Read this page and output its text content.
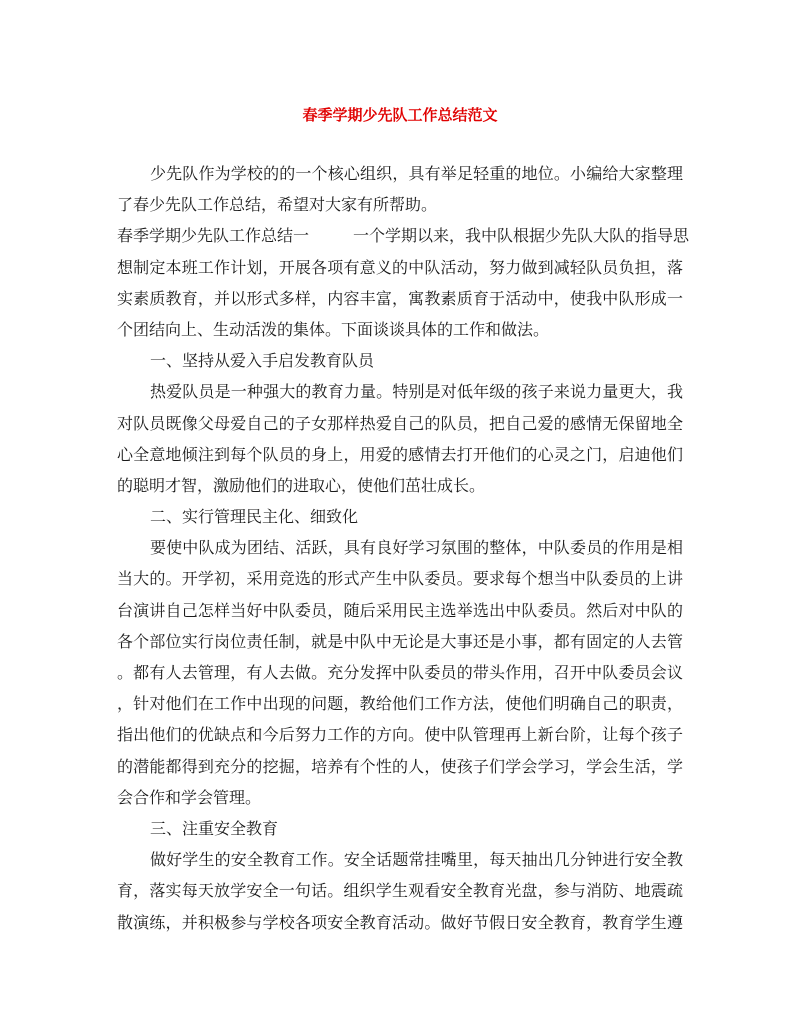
春季学期少先队工作总结范文
少先队作为学校的的一个核心组织，具有举足轻重的地位。小编给大家整理
了春少先队工作总结，希望对大家有所帮助。
春季学期少先队工作总结一	一个学期以来，我中队根据少先队大队的指导思
想制定本班工作计划，开展各项有意义的中队活动，努力做到减轻队员负担，落
实素质教育，并以形式多样，内容丰富，寓教素质育于活动中，使我中队形成一
个团结向上、生动活泼的集体。下面谈谈具体的工作和做法。
一、坚持从爱入手启发教育队员
热爱队员是一种强大的教育力量。特别是对低年级的孩子来说力量更大，我
对队员既像父母爱自己的子女那样热爱自己的队员，把自己爱的感情无保留地全
心全意地倾注到每个队员的身上，用爱的感情去打开他们的心灵之门，启迪他们
的聪明才智，激励他们的进取心，使他们茁壮成长。
二、实行管理民主化、细致化
要使中队成为团结、活跃，具有良好学习氛围的整体，中队委员的作用是相
当大的。开学初，采用竞选的形式产生中队委员。要求每个想当中队委员的上讲
台演讲自己怎样当好中队委员，随后采用民主选举选出中队委员。然后对中队的
各个部位实行岗位责任制，就是中队中无论是大事还是小事，都有固定的人去管
。都有人去管理，有人去做。充分发挥中队委员的带头作用，召开中队委员会议
，针对他们在工作中出现的问题，教给他们工作方法，使他们明确自己的职责，
指出他们的优缺点和今后努力工作的方向。使中队管理再上新台阶，让每个孩子
的潜能都得到充分的挖掘，培养有个性的人，使孩子们学会学习，学会生活，学
会合作和学会管理。
三、注重安全教育
做好学生的安全教育工作。安全话题常挂嘴里，每天抽出几分钟进行安全教
育，落实每天放学安全一句话。组织学生观看安全教育光盘，参与消防、地震疏
散演练，并积极参与学校各项安全教育活动。做好节假日安全教育，教育学生遵
